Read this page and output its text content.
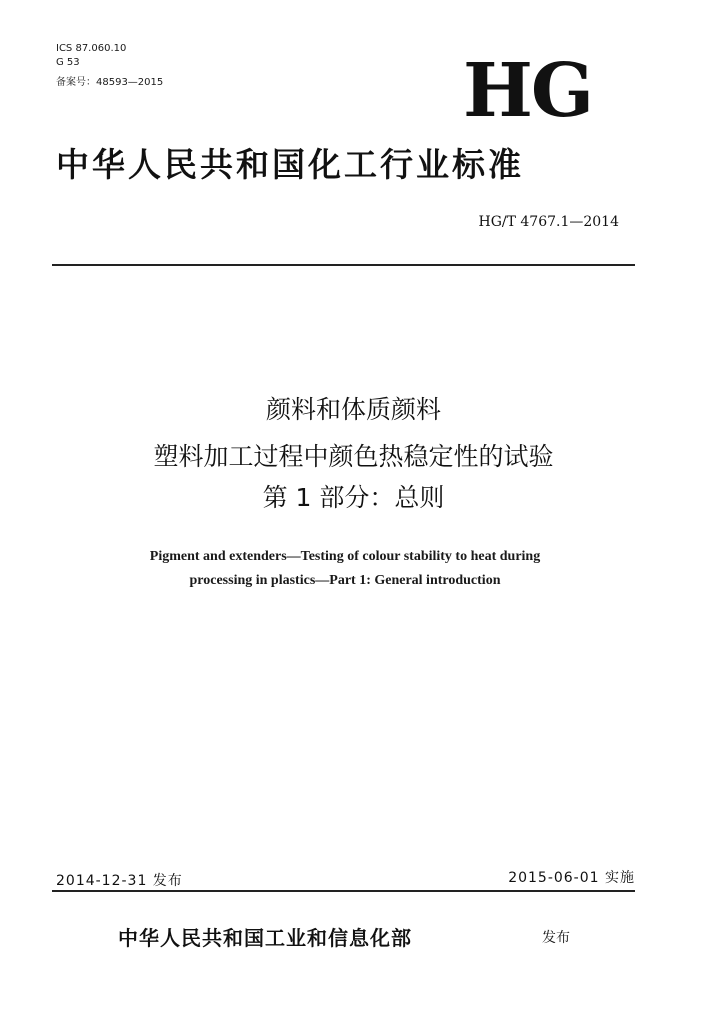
ICS 87.060.10
G 53
备案号：48593—2015	HG
中华人民共和国化工行业标准
HG/T 4767.1—2014
颜料和体质颜料
塑料加工过程中颜色热稳定性的试验
第 1 部分：总则
Pigment and extenders—Testing of colour stability to heat during
processing in plastics—Part 1: General introduction
2014-12-31 发布	2015-06-01 实施
中华人民共和国工业和信息化部	发布
